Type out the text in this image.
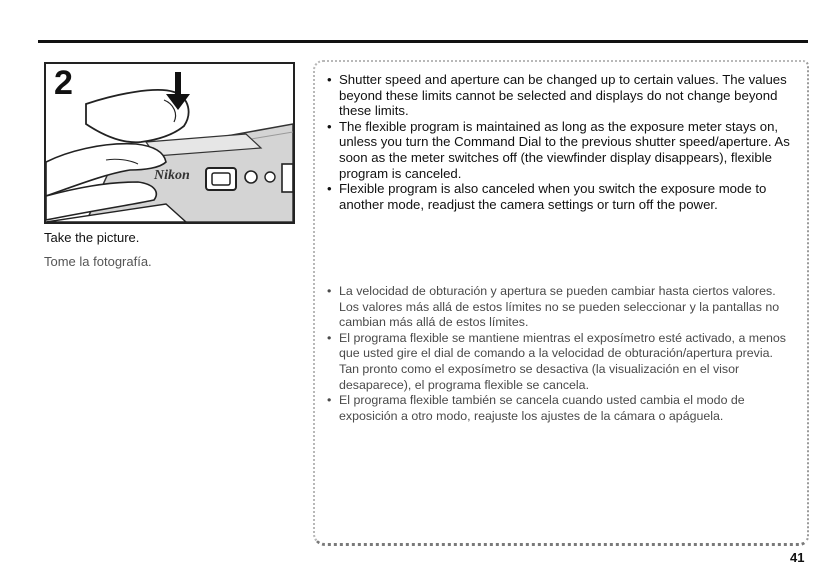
Nikon
2
Take the picture.
Tome la fotografía.
• Shutter speed and aperture can be changed up to certain values. The values beyond these limits cannot be selected and displays do not change beyond these limits.
• The flexible program is maintained as long as the exposure meter stays on, unless you turn the Command Dial to the previous shutter speed/aperture. As soon as the meter switches off (the viewfinder display disappears), flexible program is canceled.
• Flexible program is also canceled when you switch the exposure mode to another mode, readjust the camera settings or turn off the power.
• La velocidad de obturación y apertura se pueden cambiar hasta ciertos valores. Los valores más allá de estos límites no se pueden seleccionar y la pantallas no cambian más allá de estos límites.
• El programa flexible se mantiene mientras el exposímetro esté activado, a menos que usted gire el dial de comando a la velocidad de obturación/apertura previa. Tan pronto como el exposímetro se desactiva (la visualización en el visor desaparece), el programa flexible se cancela.
• El programa flexible también se cancela cuando usted cambia el modo de exposición a otro modo, reajuste los ajustes de la cámara o apáguela.
41
